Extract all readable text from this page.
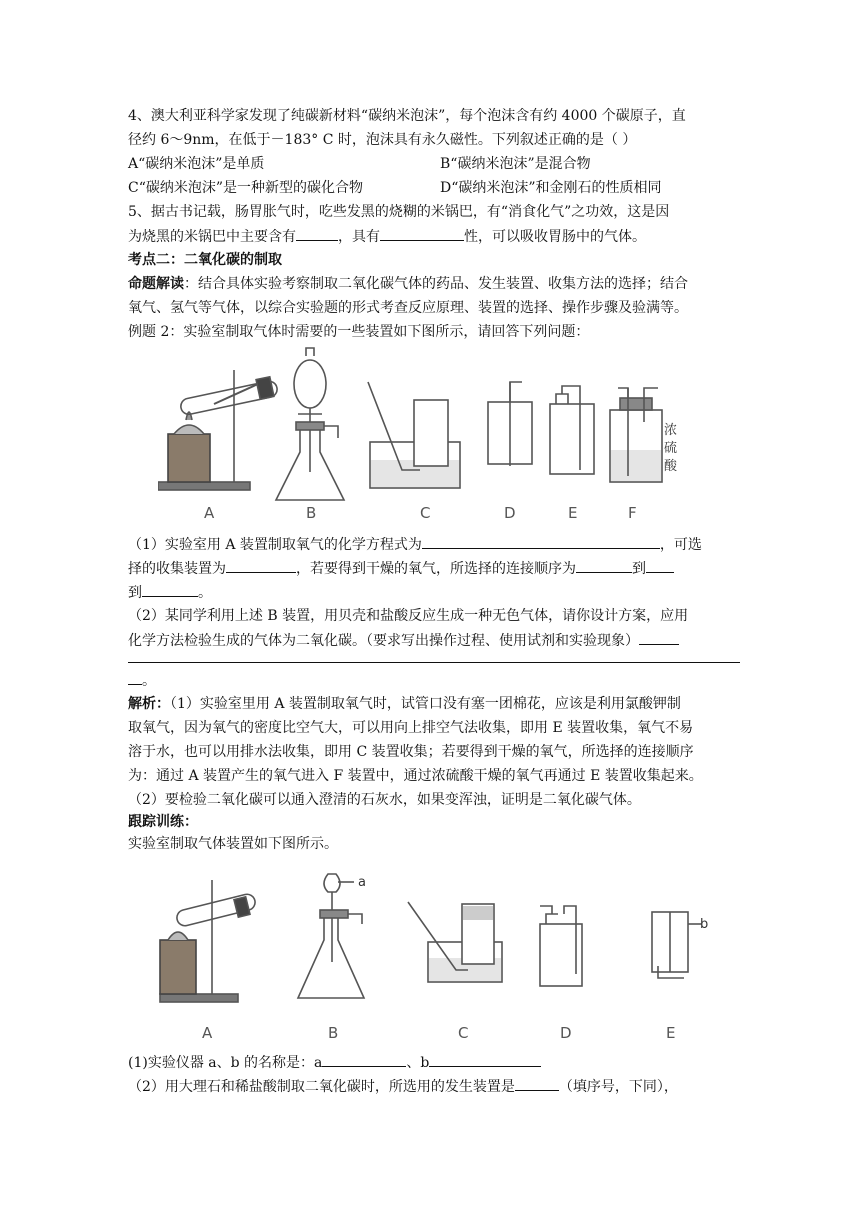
4、澳大利亚科学家发现了纯碳新材料“碳纳米泡沫”，每个泡沫含有约 4000 个碳原子，直
径约 6～9nm，在低于－183° C 时，泡沫具有永久磁性。下列叙述正确的是（ ）
A“碳纳米泡沫”是单质	B“碳纳米泡沫”是混合物
C“碳纳米泡沫”是一种新型的碳化合物	D“碳纳米泡沫”和金刚石的性质相同
5、据古书记载，肠胃胀气时，吃些发黑的烧糊的米锅巴，有“消食化气”之功效，这是因
为烧黑的米锅巴中主要含有	，具有	性，可以吸收胃肠中的气体。
考点二：二氧化碳的制取
命题解读：结合具体实验考察制取二氧化碳气体的药品、发生装置、收集方法的选择；结合
氧气、氢气等气体，以综合实验题的形式考查反应原理、装置的选择、操作步骤及验满等。
例题 2：实验室制取气体时需要的一些装置如下图所示，请回答下列问题：
浓
硫
酸
A	B	C	D	E	F
（1）实验室用 A 装置制取氧气的化学方程式为	，可选
择的收集装置为	，若要得到干燥的氧气，所选择的连接顺序为	到
到	。
（2）某同学利用上述 B 装置，用贝壳和盐酸反应生成一种无色气体，请你设计方案，应用
化学方法检验生成的气体为二氧化碳。（要求写出操作过程、使用试剂和实验现象）
。
解析：（1）实验室里用 A 装置制取氧气时，试管口没有塞一团棉花，应该是利用氯酸钾制
取氧气，因为氧气的密度比空气大，可以用向上排空气法收集，即用 E 装置收集，氧气不易
溶于水，也可以用排水法收集，即用 C 装置收集；若要得到干燥的氧气，所选择的连接顺序
为：通过 A 装置产生的氧气进入 F 装置中，通过浓硫酸干燥的氧气再通过 E 装置收集起来。
（2）要检验二氧化碳可以通入澄清的石灰水，如果变浑浊，证明是二氧化碳气体。
跟踪训练：
实验室制取气体装置如下图所示。
a
b
A	B	C	D	E
(1)实验仪器 a、b 的名称是：a	、b
（2）用大理石和稀盐酸制取二氧化碳时，所选用的发生装置是	（填序号，下同），
